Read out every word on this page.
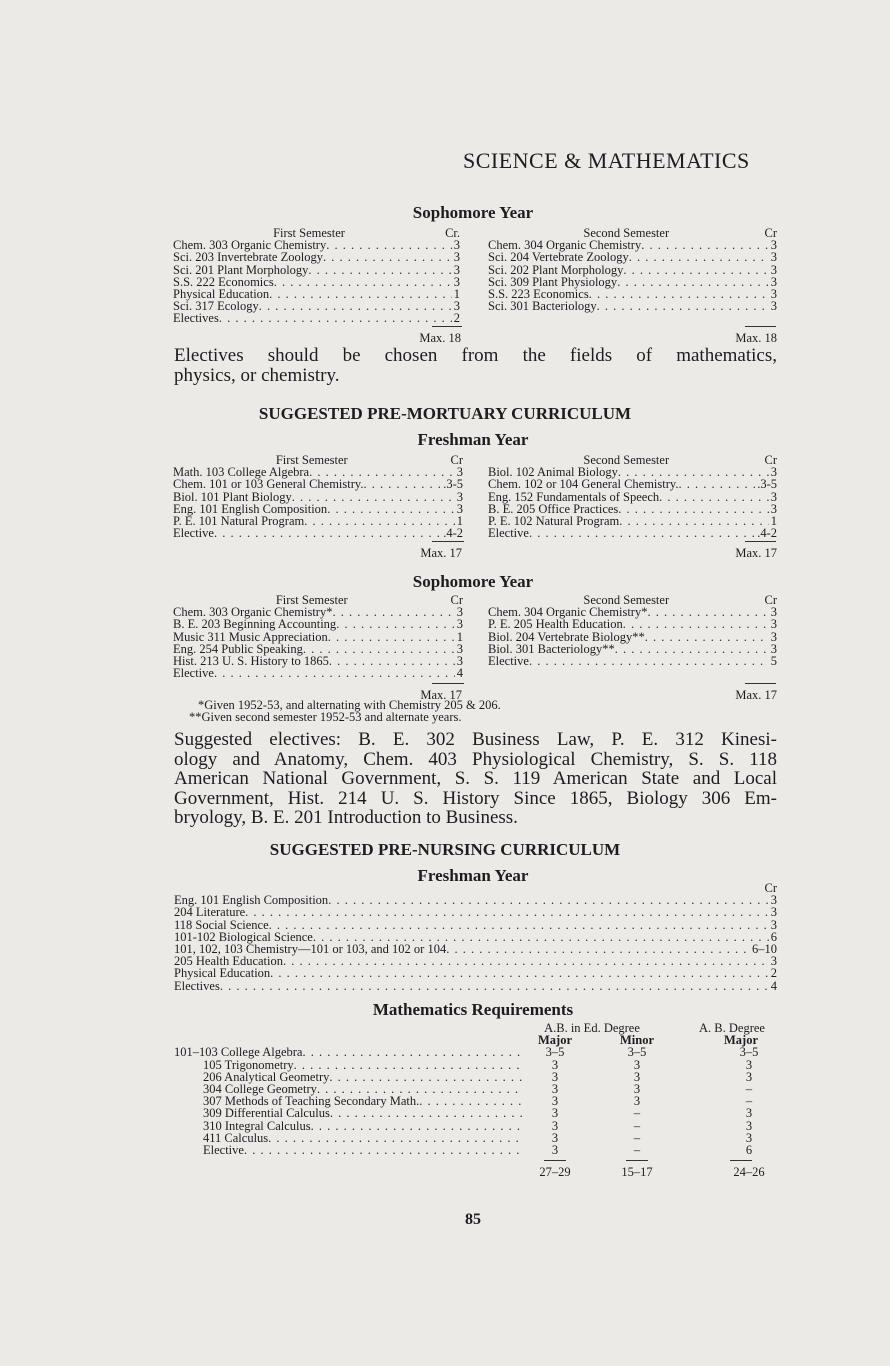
SCIENCE & MATHEMATICS
Sophomore Year
First Semester	Cr.
Chem. 303 Organic Chemistry . . .	3
Sci. 203 Invertebrate Zoology . . .	3
Sci. 201 Plant Morphology . . .	3
S.S. 222 Economics . . .	3
Physical Education . . .	1
Sci. 317 Ecology . . .	3
Electives . . .	2
Max. 18
Second Semester	Cr
Chem. 304 Organic Chemistry . . .	3
Sci. 204 Vertebrate Zoology . . .	3
Sci. 202 Plant Morphology . . .	3
Sci. 309 Plant Physiology . . .	3
S.S. 223 Economics . . .	3
Sci. 301 Bacteriology . . .	3
Max. 18
Electives should be chosen from the fields of mathematics,
physics, or chemistry.
SUGGESTED PRE-MORTUARY CURRICULUM
Freshman Year
First Semester	Cr
Math. 103 College Algebra . . .	3
Chem. 101 or 103 General Chemistry. . . .	.3-5
Biol. 101 Plant Biology . . .	3
Eng. 101 English Composition . . .	3
P. E. 101 Natural Program . . .	1
Elective . . .	.4-2
Max. 17
Second Semester	Cr
Biol. 102 Animal Biology . . .	3
Chem. 102 or 104 General Chemistry. . . .	.3-5
Eng. 152 Fundamentals of Speech . . .	3
B. E. 205 Office Practices . . .	3
P. E. 102 Natural Program . . .	1
Elective . . .	.4-2
Max. 17
Sophomore Year
First Semester	Cr
Chem. 303 Organic Chemistry* . . .	3
B. E. 203 Beginning Accounting . . .	3
Music 311 Music Appreciation . . .	1
Eng. 254 Public Speaking . . .	3
Hist. 213 U. S. History to 1865 . . .	3
Elective . . .	4
Max. 17
Second Semester	Cr
Chem. 304 Organic Chemistry* . . .	3
P. E. 205 Health Education . . .	3
Biol. 204 Vertebrate Biology** . . .	3
Biol. 301 Bacteriology** . . .	3
Elective . . .	5
Max. 17
*Given 1952-53, and alternating with Chemistry 205 & 206.
**Given second semester 1952-53 and alternate years.
Suggested electives: B. E. 302 Business Law, P. E. 312 Kinesi-
ology and Anatomy, Chem. 403 Physiological Chemistry, S. S. 118
American National Government, S. S. 119 American State and Local
Government, Hist. 214 U. S. History Since 1865, Biology 306 Em-
bryology, B. E. 201 Introduction to Business.
SUGGESTED PRE-NURSING CURRICULUM
Freshman Year
Cr
Eng. 101 English Composition . . .	3
204 Literature . . .	3
118 Social Science . . .	3
101-102 Biological Science . . .	6
101, 102, 103 Chemistry—101 or 103, and 102 or 104 . . .	6–10
205 Health Education . . .	3
Physical Education . . .	2
Electives . . .	4
Mathematics Requirements
A.B. in Ed. Degree	A. B. Degree
Major	Minor	Major
101–103 College Algebra . . .	3–5	3–5	3–5
105 Trigonometry . . .	3	3	3
206 Analytical Geometry . . .	3	3	3
304 College Geometry . . .	3	3	–
307 Methods of Teaching Secondary Math. . . .	3	3	–
309 Differential Calculus . . .	3	–	3
310 Integral Calculus . . .	3	–	3
411 Calculus . . .	3	–	3
Elective . . .	3	–	6
27–29	15–17	24–26
85
